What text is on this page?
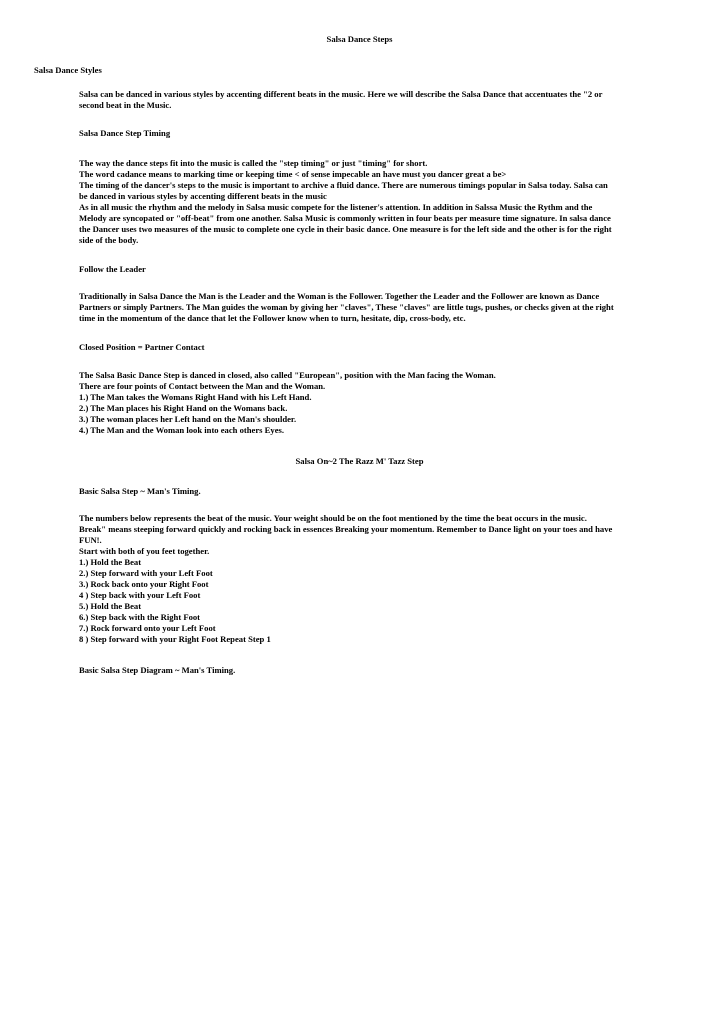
Salsa Dance Steps
Salsa Dance Styles
Salsa can be danced in various styles by accenting different beats in the music. Here we will describe the Salsa Dance that accentuates the "2 or
second beat in the Music.
Salsa Dance Step Timing
The way the dance steps fit into the music is called the "step timing" or just "timing" for short.
The word cadance means to marking time or keeping time < of sense impecable an have must you dancer great a be>
The timing of the dancer's steps to the music is important to archive a fluid dance. There are numerous timings popular in Salsa today. Salsa can
be danced in various styles by accenting different beats in the music
As in all music the rhythm and the melody in Salsa music compete for the listener's attention. In addition in Salssa Music the Rythm and the
Melody are syncopated or "off-beat" from one another. Salsa Music is commonly written in four beats per measure time signature. In salsa dance
the Dancer uses two measures of the music to complete one cycle in their basic dance. One measure is for the left side and the other is for the right
side of the body.
Follow the Leader
Traditionally in Salsa Dance the Man is the Leader and the Woman is the Follower. Together the Leader and the Follower are known as Dance
Partners or simply Partners. The Man guides the woman by giving her "claves", These "claves" are little tugs, pushes, or checks given at the right
time in the momentum of the dance that let the Follower know when to turn, hesitate, dip, cross-body, etc.
Closed Position = Partner Contact
The Salsa Basic Dance Step is danced in closed, also called "European", position with the Man facing the Woman.
There are four points of Contact between the Man and the Woman.
1.) The Man takes the Womans Right Hand with his Left Hand.
2.) The Man places his Right Hand on the Womans back.
3.) The woman places her Left hand on the Man's shoulder.
4.) The Man and the Woman look into each others Eyes.
Salsa On~2 The Razz M' Tazz Step
Basic Salsa Step ~ Man's Timing.
The numbers below represents the beat of the music. Your weight should be on the foot mentioned by the time the beat occurs in the music.
Break" means steeping forward quickly and rocking back in essences Breaking your momentum. Remember to Dance light on your toes and have
FUN!.
Start with both of you feet together.
1.) Hold the Beat
2.) Step forward with your Left Foot
3.) Rock back onto your Right Foot
4 ) Step back with your Left Foot
5.) Hold the Beat
6.) Step back with the Right Foot
7.) Rock forward onto your Left Foot
8 ) Step forward with your Right Foot Repeat Step 1
Basic Salsa Step Diagram ~ Man's Timing.
